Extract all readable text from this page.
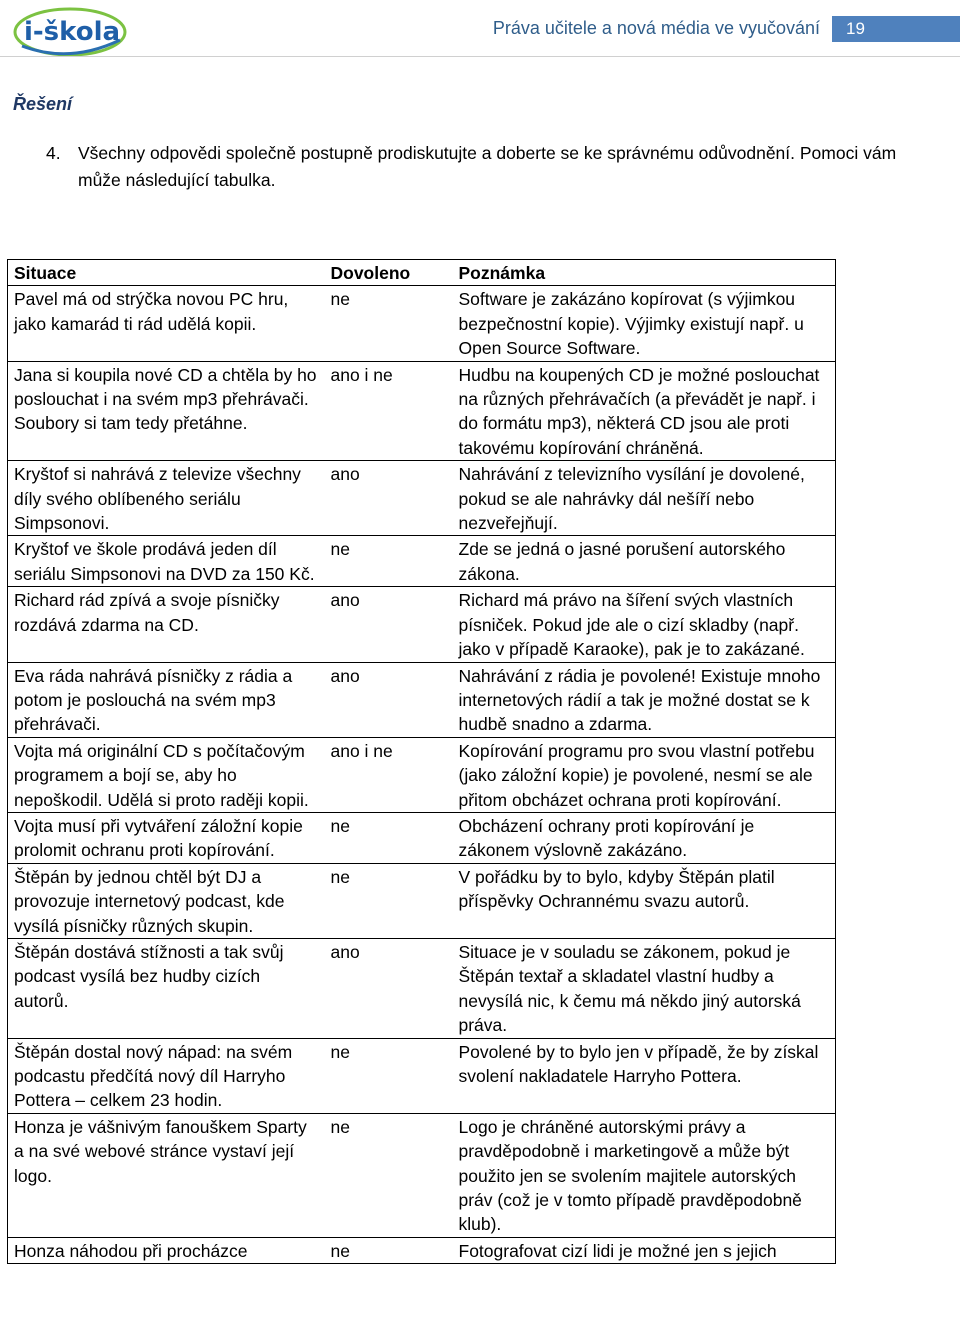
i-škola	Práva učitele a nová média ve vyučování	19
Řešení
4. Všechny odpovědi společně postupně prodiskutujte a doberte se ke správnému odůvodnění. Pomoci vám může následující tabulka.
Situace	Dovoleno	Poznámka
Pavel má od strýčka novou PC hru, jako kamarád ti rád udělá kopii.	ne	Software je zakázáno kopírovat (s výjimkou bezpečnostní kopie). Výjimky existují např. u Open Source Software.
Jana si koupila nové CD a chtěla by ho poslouchat i na svém mp3 přehrávači. Soubory si tam tedy přetáhne.	ano i ne	Hudbu na koupených CD je možné poslouchat na různých přehrávačích (a převádět je např. i do formátu mp3), některá CD jsou ale proti takovému kopírování chráněná.
Kryštof si nahrává z televize všechny díly svého oblíbeného seriálu Simpsonovi.	ano	Nahrávání z televizního vysílání je dovolené, pokud se ale nahrávky dál nešíří nebo nezveřejňují.
Kryštof ve škole prodává jeden díl seriálu Simpsonovi na DVD za 150 Kč.	ne	Zde se jedná o jasné porušení autorského zákona.
Richard rád zpívá a svoje písničky rozdává zdarma na CD.	ano	Richard má právo na šíření svých vlastních písniček. Pokud jde ale o cizí skladby (např. jako v případě Karaoke), pak je to zakázané.
Eva ráda nahrává písničky z rádia a potom je poslouchá na svém mp3 přehrávači.	ano	Nahrávání z rádia je povolené! Existuje mnoho internetových rádií a tak je možné dostat se k hudbě snadno a zdarma.
Vojta má originální CD s počítačovým programem a bojí se, aby ho nepoškodil. Udělá si proto raději kopii.	ano i ne	Kopírování programu pro svou vlastní potřebu (jako záložní kopie) je povolené, nesmí se ale přitom obcházet ochrana proti kopírování.
Vojta musí při vytváření záložní kopie prolomit ochranu proti kopírování.	ne	Obcházení ochrany proti kopírování je zákonem výslovně zakázáno.
Štěpán by jednou chtěl být DJ a provozuje internetový podcast, kde vysílá písničky různých skupin.	ne	V pořádku by to bylo, kdyby Štěpán platil příspěvky Ochrannému svazu autorů.
Štěpán dostává stížnosti a tak svůj podcast vysílá bez hudby cizích autorů.	ano	Situace je v souladu se zákonem, pokud je Štěpán textař a skladatel vlastní hudby a nevysílá nic, k čemu má někdo jiný autorská práva.
Štěpán dostal nový nápad: na svém podcastu předčítá nový díl Harryho Pottera – celkem 23 hodin.	ne	Povolené by to bylo jen v případě, že by získal svolení nakladatele Harryho Pottera.
Honza je vášnivým fanouškem Sparty a na své webové stránce vystaví její logo.	ne	Logo je chráněné autorskými právy a pravděpodobně i marketingově a může být použito jen se svolením majitele autorských práv (což je v tomto případě pravděpodobně klub).
Honza náhodou při procházce	ne	Fotografovat cizí lidi je možné jen s jejich
